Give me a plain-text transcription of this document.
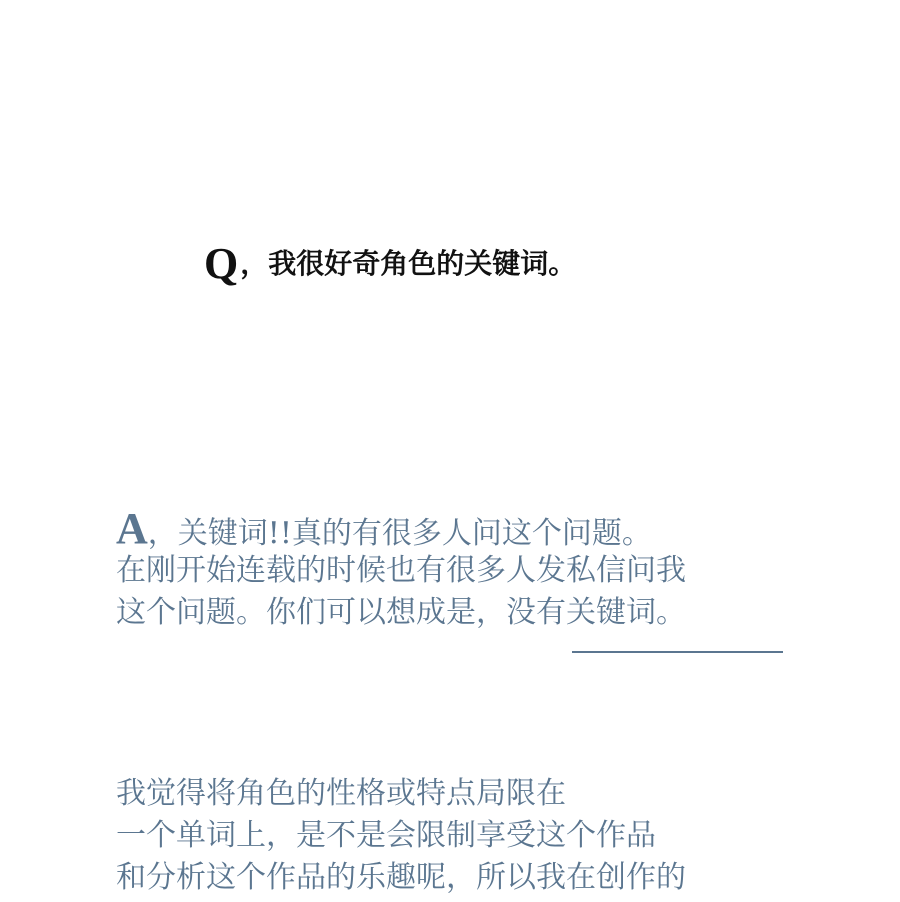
Q，我很好奇角色的关键词。
A，关键词!!真的有很多人问这个问题。
在刚开始连载的时候也有很多人发私信问我
这个问题。你们可以想成是，没有关键词。
我觉得将角色的性格或特点局限在
一个单词上，是不是会限制享受这个作品
和分析这个作品的乐趣呢，所以我在创作的
